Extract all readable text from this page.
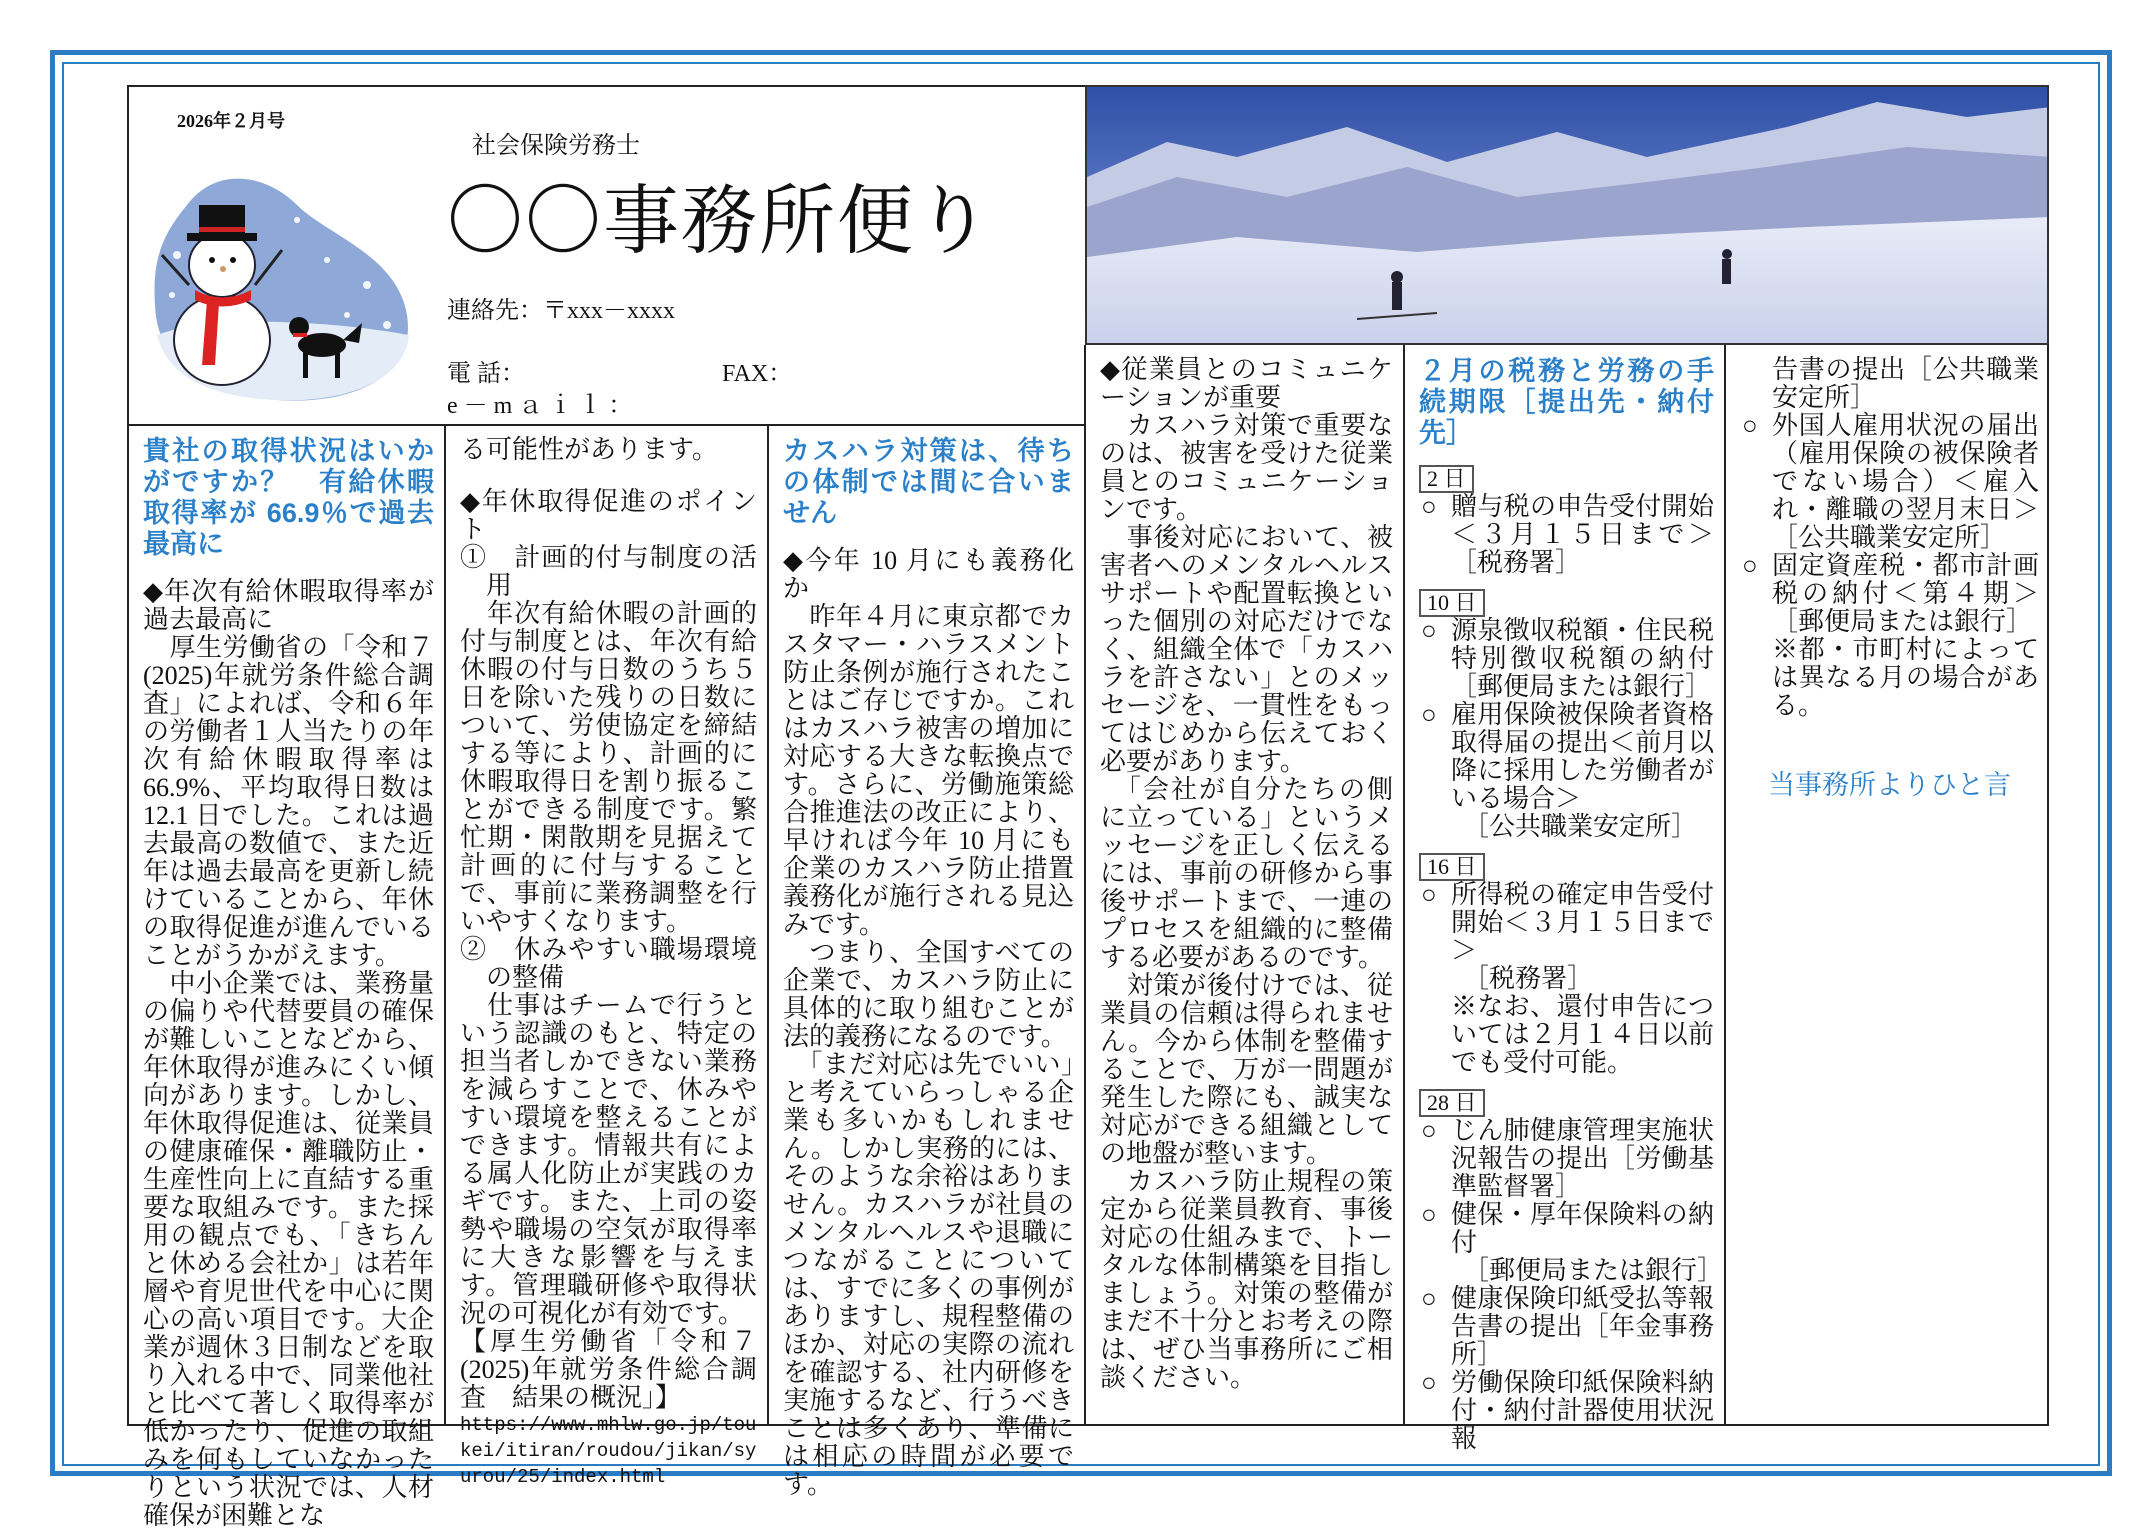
2026年２月号
社会保険労務士
〇〇事務所便り
連絡先：〒xxx－xxxx
電 話：	FAX：
e－mａｉｌ：

貴社の取得状況はいかがですか？　有給休暇取得率が 66.9％で過去最高に

◆年次有給休暇取得率が過去最高に

　厚生労働省の「令和７(2025)年就労条件総合調査」によれば、令和６年の労働者１人当たりの年次有給休暇取得率は 66.9%、平均取得日数は 12.1 日でした。これは過去最高の数値で、また近年は過去最高を更新し続けていることから、年休の取得促進が進んでいることがうかがえます。

　中小企業では、業務量の偏りや代替要員の確保が難しいことなどから、年休取得が進みにくい傾向があります。しかし、年休取得促進は、従業員の健康確保・離職防止・生産性向上に直結する重要な取組みです。また採用の観点でも、「きちんと休める会社か」は若年層や育児世代を中心に関心の高い項目です。大企業が週休３日制などを取り入れる中で、同業他社と比べて著しく取得率が低かったり、促進の取組みを何もしていなかったりという状況では、人材確保が困難とな

る可能性があります。

◆年休取得促進のポイント

①　計画的付与制度の活用

　年次有給休暇の計画的付与制度とは、年次有給休暇の付与日数のうち５日を除いた残りの日数について、労使協定を締結する等により、計画的に休暇取得日を割り振ることができる制度です。繁忙期・閑散期を見据えて計画的に付与することで、事前に業務調整を行いやすくなります。

②　休みやすい職場環境の整備

　仕事はチームで行うという認識のもと、特定の担当者しかできない業務を減らすことで、休みやすい環境を整えることができます。情報共有による属人化防止が実践のカギです。また、上司の姿勢や職場の空気が取得率に大きな影響を与えます。管理職研修や取得状況の可視化が有効です。

【厚生労働省「令和７(2025)年就労条件総合調査　結果の概況」】

https://www.mhlw.go.jp/toukei/itiran/roudou/jikan/syurou/25/index.html

カスハラ対策は、待ちの体制では間に合いません

◆今年 10 月にも義務化か

　昨年４月に東京都でカスタマー・ハラスメント防止条例が施行されたことはご存じですか。これはカスハラ被害の増加に対応する大きな転換点です。さらに、労働施策総合推進法の改正により、早ければ今年 10 月にも企業のカスハラ防止措置義務化が施行される見込みです。

　つまり、全国すべての企業で、カスハラ防止に具体的に取り組むことが法的義務になるのです。

　「まだ対応は先でいい」と考えていらっしゃる企業も多いかもしれません。しかし実務的には、そのような余裕はありません。カスハラが社員のメンタルヘルスや退職につながることについては、すでに多くの事例がありますし、規程整備のほか、対応の実際の流れを確認する、社内研修を実施するなど、行うべきことは多くあり、準備には相応の時間が必要です。

◆従業員とのコミュニケーションが重要

　カスハラ対策で重要なのは、被害を受けた従業員とのコミュニケーションです。

　事後対応において、被害者へのメンタルヘルスサポートや配置転換といった個別の対応だけでなく、組織全体で「カスハラを許さない」とのメッセージを、一貫性をもってはじめから伝えておく必要があります。

　「会社が自分たちの側に立っている」というメッセージを正しく伝えるには、事前の研修から事後サポートまで、一連のプロセスを組織的に整備する必要があるのです。

　対策が後付けでは、従業員の信頼は得られません。今から体制を整備することで、万が一問題が発生した際にも、誠実な対応ができる組織としての地盤が整います。

　カスハラ防止規程の策定から従業員教育、事後対応の仕組みまで、トータルな体制構築を目指しましょう。対策の整備がまだ不十分とお考えの際は、ぜひ当事務所にご相談ください。

２月の税務と労務の手続期限［提出先・納付先］

2 日
○ 贈与税の申告受付開始＜３月１５日まで＞［税務署］
10 日
○ 源泉徴収税額・住民税特別徴収税額の納付［郵便局または銀行］
○ 雇用保険被保険者資格取得届の提出＜前月以降に採用した労働者がいる場合＞

［公共職業安定所］

16 日
○ 所得税の確定申告受付開始＜３月１５日まで＞

［税務署］

※なお、還付申告については２月１４日以前でも受付可能。

28 日
○ じん肺健康管理実施状況報告の提出［労働基準監督署］
○ 健保・厚年保険料の納付

［郵便局または銀行］

○ 健康保険印紙受払等報告書の提出［年金事務所］
○ 労働保険印紙保険料納付・納付計器使用状況報

告書の提出［公共職業安定所］

○ 外国人雇用状況の届出（雇用保険の被保険者でない場合）＜雇入れ・離職の翌月末日＞［公共職業安定所］
○ 固定資産税・都市計画税の納付＜第４期＞［郵便局または銀行］

※都・市町村によっては異なる月の場合がある。

当事務所よりひと言
